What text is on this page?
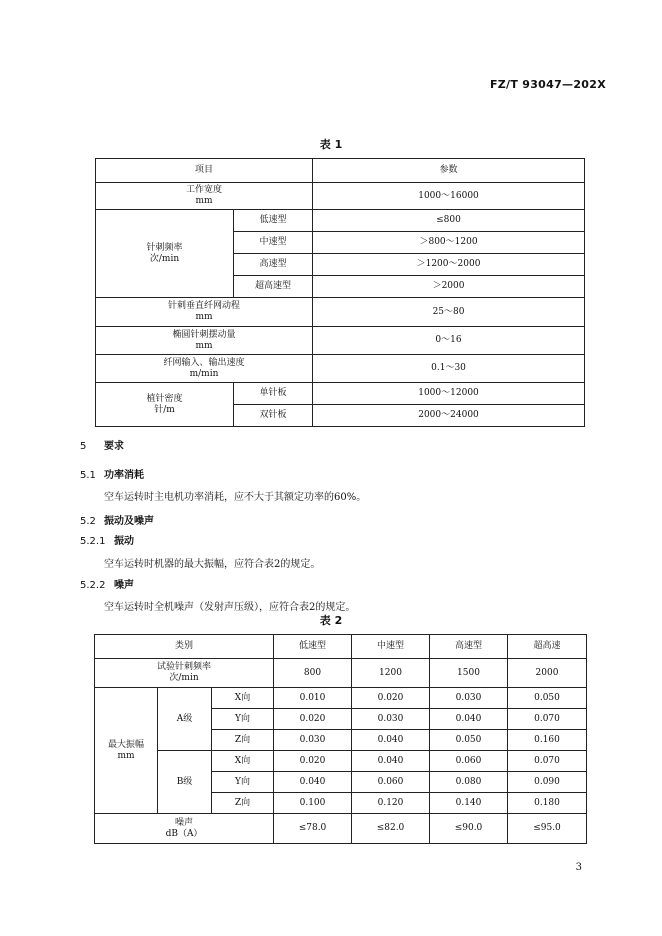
FZ/T 93047—202X
表 1
项目		参数

工作宽度
mm		1000～16000

针刺频率
次/min	低速型	≤800
	中速型	＞800～1200
	高速型	＞1200～2000
	超高速型	＞2000

针刺垂直纤网动程
mm		25～80

椭圆针刺摆动量
mm		0～16

纤网输入、输出速度
m/min		0.1～30

植针密度
针/m	单针板	1000～12000
	双针板	2000～24000
5 要求
5.1 功率消耗
空车运转时主电机功率消耗，应不大于其额定功率的60%。
5.2 振动及噪声
5.2.1 振动
空车运转时机器的最大振幅，应符合表2的规定。
5.2.2 噪声
空车运转时全机噪声（发射声压级），应符合表2的规定。
表 2
类别			低速型	中速型	高速型	超高速

试验针刺频率
次/min			800	1200	1500	2000

最大振幅
mm	A级	X向	0.010	0.020	0.030	0.050
		Y向	0.020	0.030	0.040	0.070
		Z向	0.030	0.040	0.050	0.160
	B级	X向	0.020	0.040	0.060	0.070
		Y向	0.040	0.060	0.080	0.090
		Z向	0.100	0.120	0.140	0.180

噪声
dB（A）			≤78.0	≤82.0	≤90.0	≤95.0
3
